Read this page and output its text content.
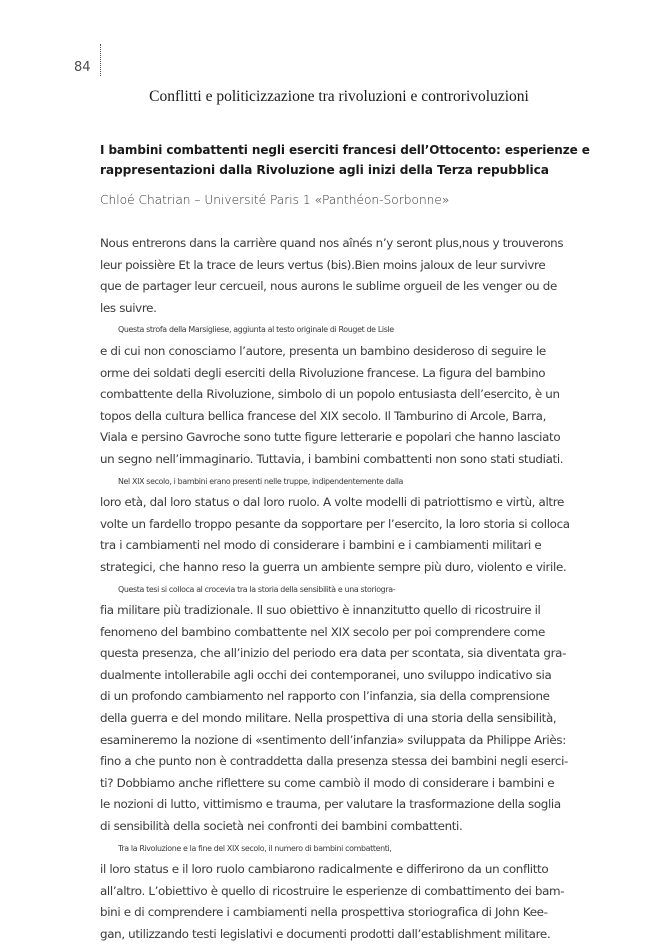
84
Conflitti e politicizzazione tra rivoluzioni e controrivoluzioni
I bambini combattenti negli eserciti francesi dell’Ottocento: esperienze e
rappresentazioni dalla Rivoluzione agli inizi della Terza repubblica
Chloé Chatrian – Université Paris 1 «Panthéon-Sorbonne»
Nous entrerons dans la carrière quand nos aînés n’y seront plus,nous y trouverons
leur poissière Et la trace de leurs vertus (bis).Bien moins jaloux de leur survivre
que de partager leur cercueil, nous aurons le sublime orgueil de les venger ou de
les suivre.
Questa strofa della Marsigliese, aggiunta al testo originale di Rouget de Lisle
e di cui non conosciamo l’autore, presenta un bambino desideroso di seguire le
orme dei soldati degli eserciti della Rivoluzione francese. La figura del bambino
combattente della Rivoluzione, simbolo di un popolo entusiasta dell’esercito, è un
topos della cultura bellica francese del XIX secolo. Il Tamburino di Arcole, Barra,
Viala e persino Gavroche sono tutte figure letterarie e popolari che hanno lasciato
un segno nell’immaginario. Tuttavia, i bambini combattenti non sono stati studiati.
Nel XIX secolo, i bambini erano presenti nelle truppe, indipendentemente dalla
loro età, dal loro status o dal loro ruolo. A volte modelli di patriottismo e virtù, altre
volte un fardello troppo pesante da sopportare per l’esercito, la loro storia si colloca
tra i cambiamenti nel modo di considerare i bambini e i cambiamenti militari e
strategici, che hanno reso la guerra un ambiente sempre più duro, violento e virile.
Questa tesi si colloca al crocevia tra la storia della sensibilità e una storiogra-
fia militare più tradizionale. Il suo obiettivo è innanzitutto quello di ricostruire il
fenomeno del bambino combattente nel XIX secolo per poi comprendere come
questa presenza, che all’inizio del periodo era data per scontata, sia diventata gra-
dualmente intollerabile agli occhi dei contemporanei, uno sviluppo indicativo sia
di un profondo cambiamento nel rapporto con l’infanzia, sia della comprensione
della guerra e del mondo militare. Nella prospettiva di una storia della sensibilità,
esamineremo la nozione di «sentimento dell’infanzia» sviluppata da Philippe Ariès:
fino a che punto non è contraddetta dalla presenza stessa dei bambini negli eserci-
ti? Dobbiamo anche riflettere su come cambiò il modo di considerare i bambini e
le nozioni di lutto, vittimismo e trauma, per valutare la trasformazione della soglia
di sensibilità della società nei confronti dei bambini combattenti.
Tra la Rivoluzione e la fine del XIX secolo, il numero di bambini combattenti,
il loro status e il loro ruolo cambiarono radicalmente e differirono da un conflitto
all’altro. L’obiettivo è quello di ricostruire le esperienze di combattimento dei bam-
bini e di comprendere i cambiamenti nella prospettiva storiografica di John Kee-
gan, utilizzando testi legislativi e documenti prodotti dall’establishment militare.
